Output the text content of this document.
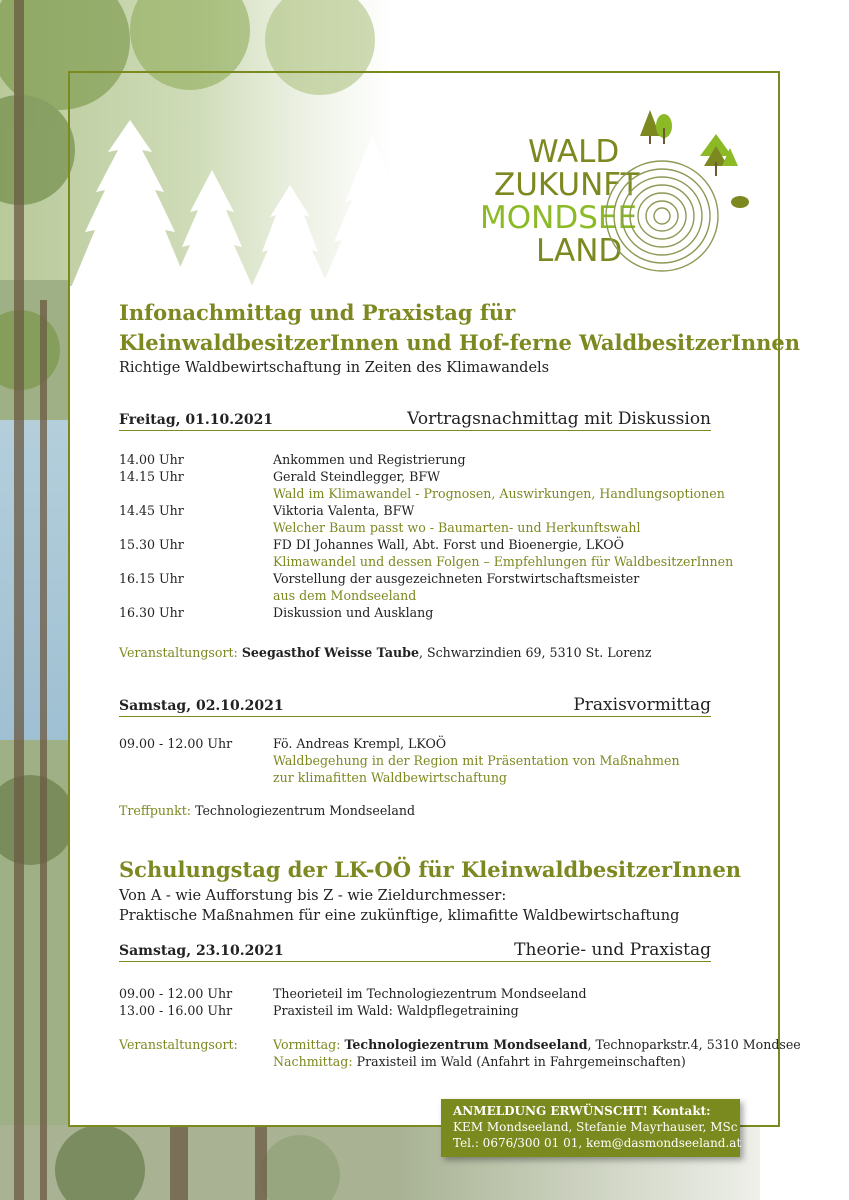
WALD
ZUKUNFT
MONDSEE
LAND
Infonachmittag und Praxistag für
KleinwaldbesitzerInnen und Hof-ferne WaldbesitzerInnen
Richtige Waldbewirtschaftung in Zeiten des Klimawandels
Freitag, 01.10.2021	Vortragsnachmittag mit Diskussion
14.00 Uhr	Ankommen und Registrierung
14.15 Uhr	Gerald Steindlegger, BFW
Wald im Klimawandel - Prognosen, Auswirkungen, Handlungsoptionen
14.45 Uhr	Viktoria Valenta, BFW
Welcher Baum passt wo - Baumarten- und Herkunftswahl
15.30 Uhr	FD DI Johannes Wall, Abt. Forst und Bioenergie, LKOÖ
Klimawandel und dessen Folgen – Empfehlungen für WaldbesitzerInnen
16.15 Uhr	Vorstellung der ausgezeichneten Forstwirtschaftsmeister
aus dem Mondseeland
16.30 Uhr	Diskussion und Ausklang
Veranstaltungsort: Seegasthof Weisse Taube, Schwarzindien 69, 5310 St. Lorenz
Samstag, 02.10.2021	Praxisvormittag
09.00 - 12.00 Uhr	Fö. Andreas Krempl, LKOÖ
Waldbegehung in der Region mit Präsentation von Maßnahmen
zur klimafitten Waldbewirtschaftung
Treffpunkt: Technologiezentrum Mondseeland
Schulungstag der LK-OÖ für KleinwaldbesitzerInnen
Von A - wie Aufforstung bis Z - wie Zieldurchmesser:
Praktische Maßnahmen für eine zukünftige, klimafitte Waldbewirtschaftung
Samstag, 23.10.2021	Theorie- und Praxistag
09.00 - 12.00 Uhr	Theorieteil im Technologiezentrum Mondseeland
13.00 - 16.00 Uhr	Praxisteil im Wald: Waldpflegetraining
Veranstaltungsort:	Vormittag: Technologiezentrum Mondseeland, Technoparkstr.4, 5310 Mondsee
Nachmittag: Praxisteil im Wald (Anfahrt in Fahrgemeinschaften)
ANMELDUNG ERWÜNSCHT! Kontakt:
KEM Mondseeland, Stefanie Mayrhauser, MSc
Tel.: 0676/300 01 01, kem@dasmondseeland.at
